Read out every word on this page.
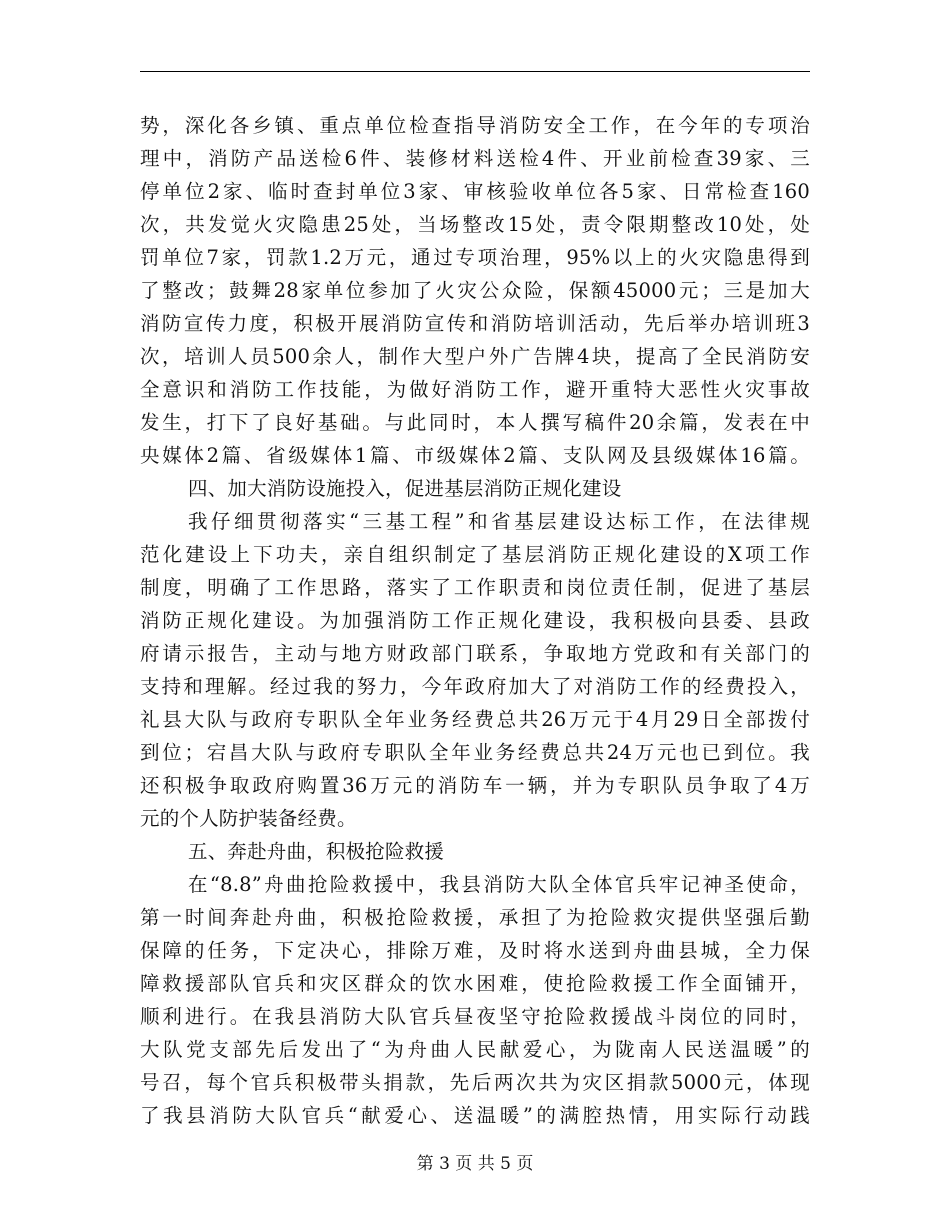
势，深化各乡镇、重点单位检查指导消防安全工作，在今年的专项治
理中，消防产品送检6件、装修材料送检4件、开业前检查39家、三
停单位2家、临时查封单位3家、审核验收单位各5家、日常检查160
次，共发觉火灾隐患25处，当场整改15处，责令限期整改10处，处
罚单位7家，罚款1.2万元，通过专项治理，95%以上的火灾隐患得到
了整改；鼓舞28家单位参加了火灾公众险，保额45000元；三是加大
消防宣传力度，积极开展消防宣传和消防培训活动，先后举办培训班3
次，培训人员500余人，制作大型户外广告牌4块，提高了全民消防安
全意识和消防工作技能，为做好消防工作，避开重特大恶性火灾事故
发生，打下了良好基础。与此同时，本人撰写稿件20余篇，发表在中
央媒体2篇、省级媒体1篇、市级媒体2篇、支队网及县级媒体16篇。
四、加大消防设施投入，促进基层消防正规化建设
我仔细贯彻落实“三基工程”和省基层建设达标工作，在法律规
范化建设上下功夫，亲自组织制定了基层消防正规化建设的X项工作
制度，明确了工作思路，落实了工作职责和岗位责任制，促进了基层
消防正规化建设。为加强消防工作正规化建设，我积极向县委、县政
府请示报告，主动与地方财政部门联系，争取地方党政和有关部门的
支持和理解。经过我的努力，今年政府加大了对消防工作的经费投入，
礼县大队与政府专职队全年业务经费总共26万元于4月29日全部拨付
到位；宕昌大队与政府专职队全年业务经费总共24万元也已到位。我
还积极争取政府购置36万元的消防车一辆，并为专职队员争取了4万
元的个人防护装备经费。
五、奔赴舟曲，积极抢险救援
在“8.8”舟曲抢险救援中，我县消防大队全体官兵牢记神圣使命，
第一时间奔赴舟曲，积极抢险救援，承担了为抢险救灾提供坚强后勤
保障的任务，下定决心，排除万难，及时将水送到舟曲县城，全力保
障救援部队官兵和灾区群众的饮水困难，使抢险救援工作全面铺开，
顺利进行。在我县消防大队官兵昼夜坚守抢险救援战斗岗位的同时，
大队党支部先后发出了“为舟曲人民献爱心，为陇南人民送温暖”的
号召，每个官兵积极带头捐款，先后两次共为灾区捐款5000元，体现
了我县消防大队官兵“献爱心、送温暖”的满腔热情，用实际行动践
第 3 页 共 5 页
